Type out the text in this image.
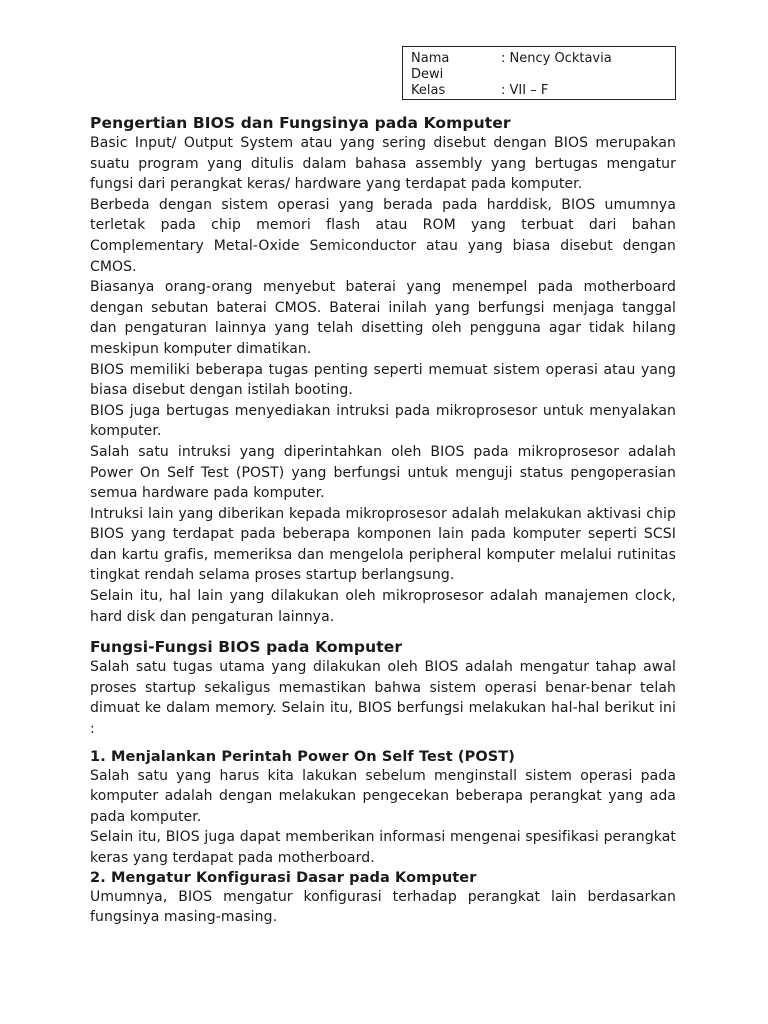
Nama	: Nency Ocktavia
Dewi
Kelas	: VII – F
Pengertian BIOS dan Fungsinya pada Komputer

Basic Input/ Output System atau yang sering disebut dengan BIOS merupakan suatu program yang ditulis dalam bahasa assembly yang bertugas mengatur fungsi dari perangkat keras/ hardware yang terdapat pada komputer.

Berbeda dengan sistem operasi yang berada pada harddisk, BIOS umumnya terletak pada chip memori flash atau ROM yang terbuat dari bahan Complementary Metal-Oxide Semiconductor atau yang biasa disebut dengan CMOS.

Biasanya orang-orang menyebut baterai yang menempel pada motherboard dengan sebutan baterai CMOS. Baterai inilah yang berfungsi menjaga tanggal dan pengaturan lainnya yang telah disetting oleh pengguna agar tidak hilang meskipun komputer dimatikan.

BIOS memiliki beberapa tugas penting seperti memuat sistem operasi atau yang biasa disebut dengan istilah booting.

BIOS juga bertugas menyediakan intruksi pada mikroprosesor untuk menyalakan komputer.

Salah satu intruksi yang diperintahkan oleh BIOS pada mikroprosesor adalah Power On Self Test (POST) yang berfungsi untuk menguji status pengoperasian semua hardware pada komputer.

Intruksi lain yang diberikan kepada mikroprosesor adalah melakukan aktivasi chip BIOS yang terdapat pada beberapa komponen lain pada komputer seperti SCSI dan kartu grafis, memeriksa dan mengelola peripheral komputer melalui rutinitas tingkat rendah selama proses startup berlangsung.

Selain itu, hal lain yang dilakukan oleh mikroprosesor adalah manajemen clock, hard disk dan pengaturan lainnya.

Fungsi-Fungsi BIOS pada Komputer

Salah satu tugas utama yang dilakukan oleh BIOS adalah mengatur tahap awal proses startup sekaligus memastikan bahwa sistem operasi benar-benar telah dimuat ke dalam memory. Selain itu, BIOS berfungsi melakukan hal-hal berikut ini :

1. Menjalankan Perintah Power On Self Test (POST)

Salah satu yang harus kita lakukan sebelum menginstall sistem operasi pada komputer adalah dengan melakukan pengecekan beberapa perangkat yang ada pada komputer.

Selain itu, BIOS juga dapat memberikan informasi mengenai spesifikasi perangkat keras yang terdapat pada motherboard.

2. Mengatur Konfigurasi Dasar pada Komputer

Umumnya, BIOS mengatur konfigurasi terhadap perangkat lain berdasarkan fungsinya masing-masing.
